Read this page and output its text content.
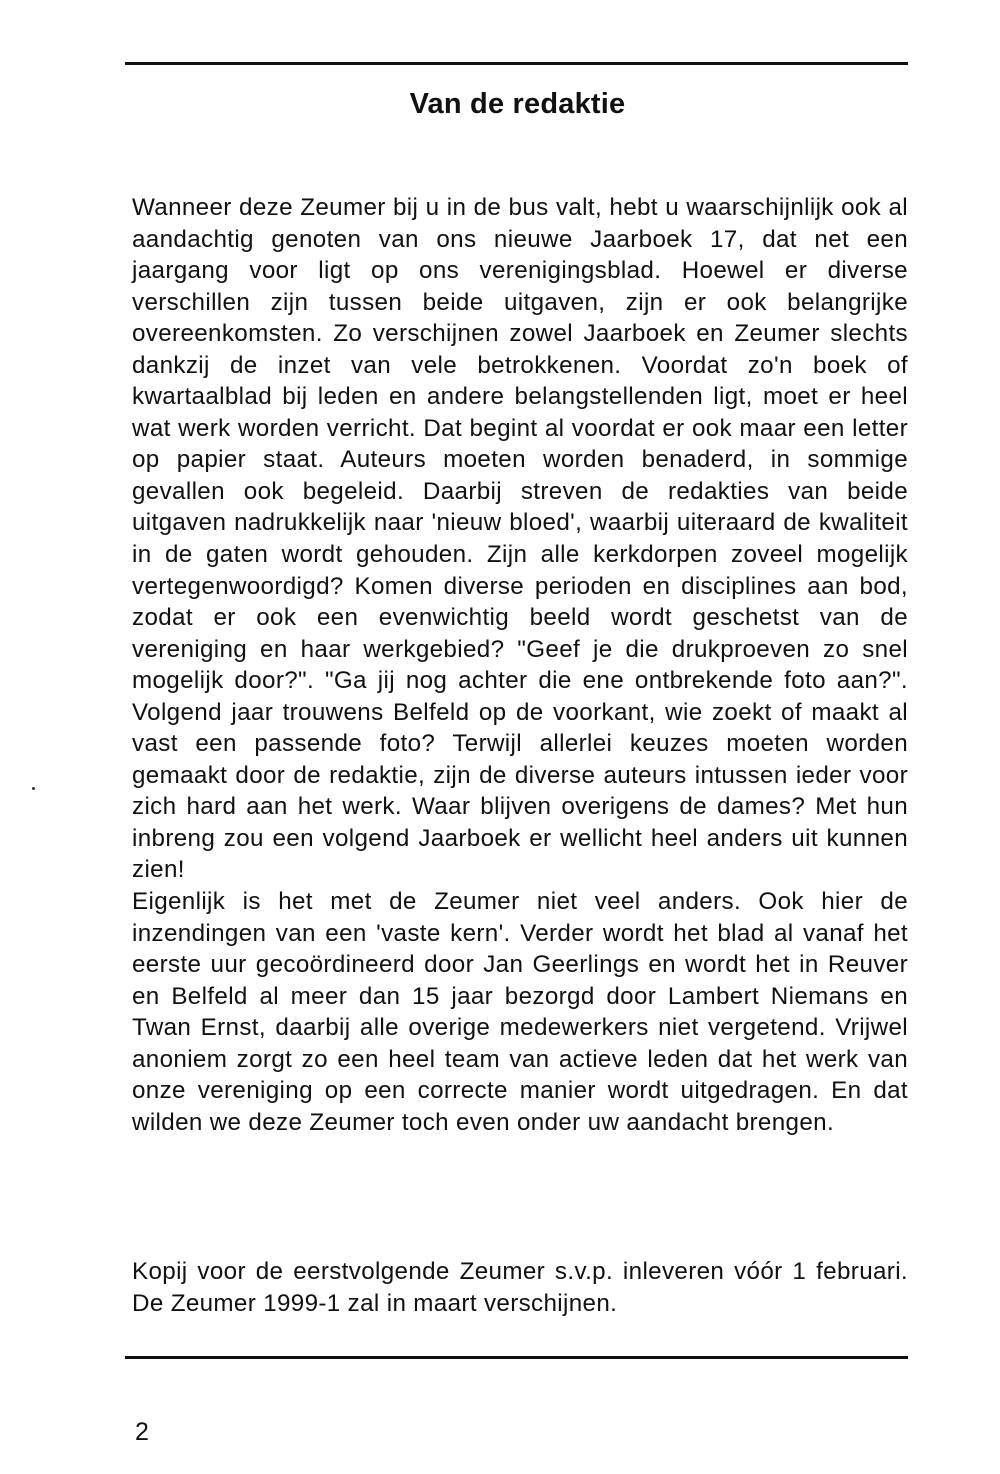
Van de redaktie

Wanneer deze Zeumer bij u in de bus valt, hebt u waarschijnlijk ook al aandachtig genoten van ons nieuwe Jaarboek 17, dat net een jaargang voor ligt op ons verenigingsblad. Hoewel er diverse verschillen zijn tussen beide uitgaven, zijn er ook belangrijke overeenkomsten. Zo verschijnen zowel Jaarboek en Zeumer slechts dankzij de inzet van vele betrokkenen. Voordat zo'n boek of kwartaalblad bij leden en andere belangstellenden ligt, moet er heel wat werk worden verricht. Dat begint al voordat er ook maar een letter op papier staat. Auteurs moeten worden benaderd, in sommige gevallen ook begeleid. Daarbij streven de redakties van beide uitgaven nadrukkelijk naar 'nieuw bloed', waarbij uiteraard de kwaliteit in de gaten wordt gehouden. Zijn alle kerkdorpen zoveel mogelijk vertegenwoordigd? Komen diverse perioden en disciplines aan bod, zodat er ook een evenwichtig beeld wordt geschetst van de vereniging en haar werkgebied? "Geef je die drukproeven zo snel mogelijk door?". "Ga jij nog achter die ene ontbrekende foto aan?". Volgend jaar trouwens Belfeld op de voorkant, wie zoekt of maakt al vast een passende foto? Terwijl allerlei keuzes moeten worden gemaakt door de redaktie, zijn de diverse auteurs intussen ieder voor zich hard aan het werk. Waar blijven overigens de dames? Met hun inbreng zou een volgend Jaarboek er wellicht heel anders uit kunnen zien!

Eigenlijk is het met de Zeumer niet veel anders. Ook hier de inzendingen van een 'vaste kern'. Verder wordt het blad al vanaf het eerste uur gecoördineerd door Jan Geerlings en wordt het in Reuver en Belfeld al meer dan 15 jaar bezorgd door Lambert Niemans en Twan Ernst, daarbij alle overige medewerkers niet vergetend. Vrijwel anoniem zorgt zo een heel team van actieve leden dat het werk van onze vereniging op een correcte manier wordt uitgedragen. En dat wilden we deze Zeumer toch even onder uw aandacht brengen.

Kopij voor de eerstvolgende Zeumer s.v.p. inleveren vóór 1 februari. De Zeumer 1999-1 zal in maart verschijnen.

2
